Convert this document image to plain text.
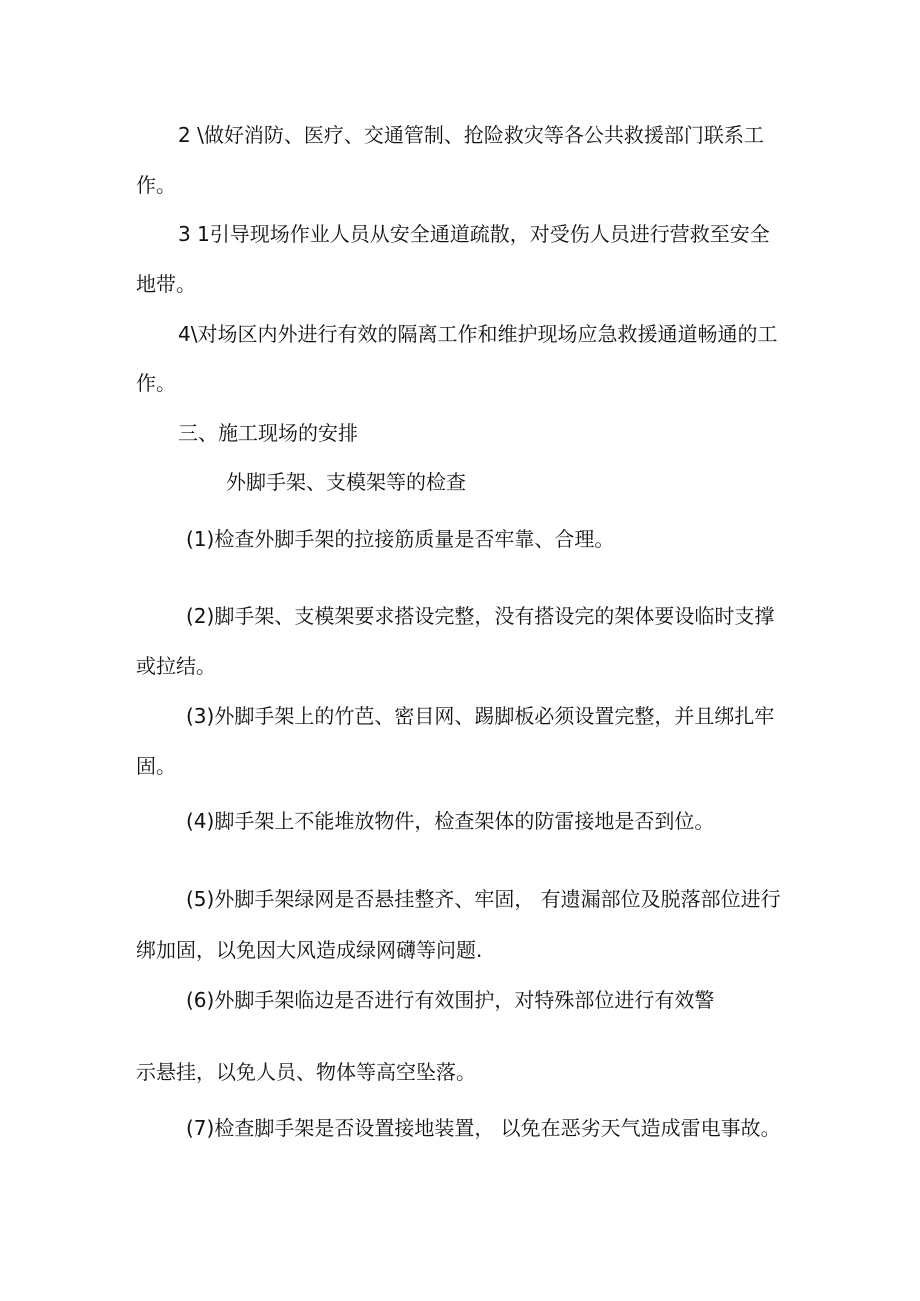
2 \做好消防、医疗、交通管制、抢险救灾等各公共救援部门联系工
作。
3 1引导现场作业人员从安全通道疏散，对受伤人员进行营救至安全
地带。
4\对场区内外进行有效的隔离工作和维护现场应急救援通道畅通的工
作。
三、施工现场的安排
外脚手架、支模架等的检查
(1)检查外脚手架的拉接筋质量是否牢靠、合理。
(2)脚手架、支模架要求搭设完整，没有搭设完的架体要设临时支撑
或拉结。
(3)外脚手架上的竹芭、密目网、踢脚板必须设置完整，并且绑扎牢
固。
(4)脚手架上不能堆放物件，检查架体的防雷接地是否到位。
(5)外脚手架绿网是否悬挂整齐、牢固， 有遗漏部位及脱落部位进行
绑加固，以免因大风造成绿网礴等问题.
(6)外脚手架临边是否进行有效围护，对特殊部位进行有效警
示悬挂，以免人员、物体等高空坠落。
(7)检查脚手架是否设置接地装置， 以免在恶劣天气造成雷电事故。
